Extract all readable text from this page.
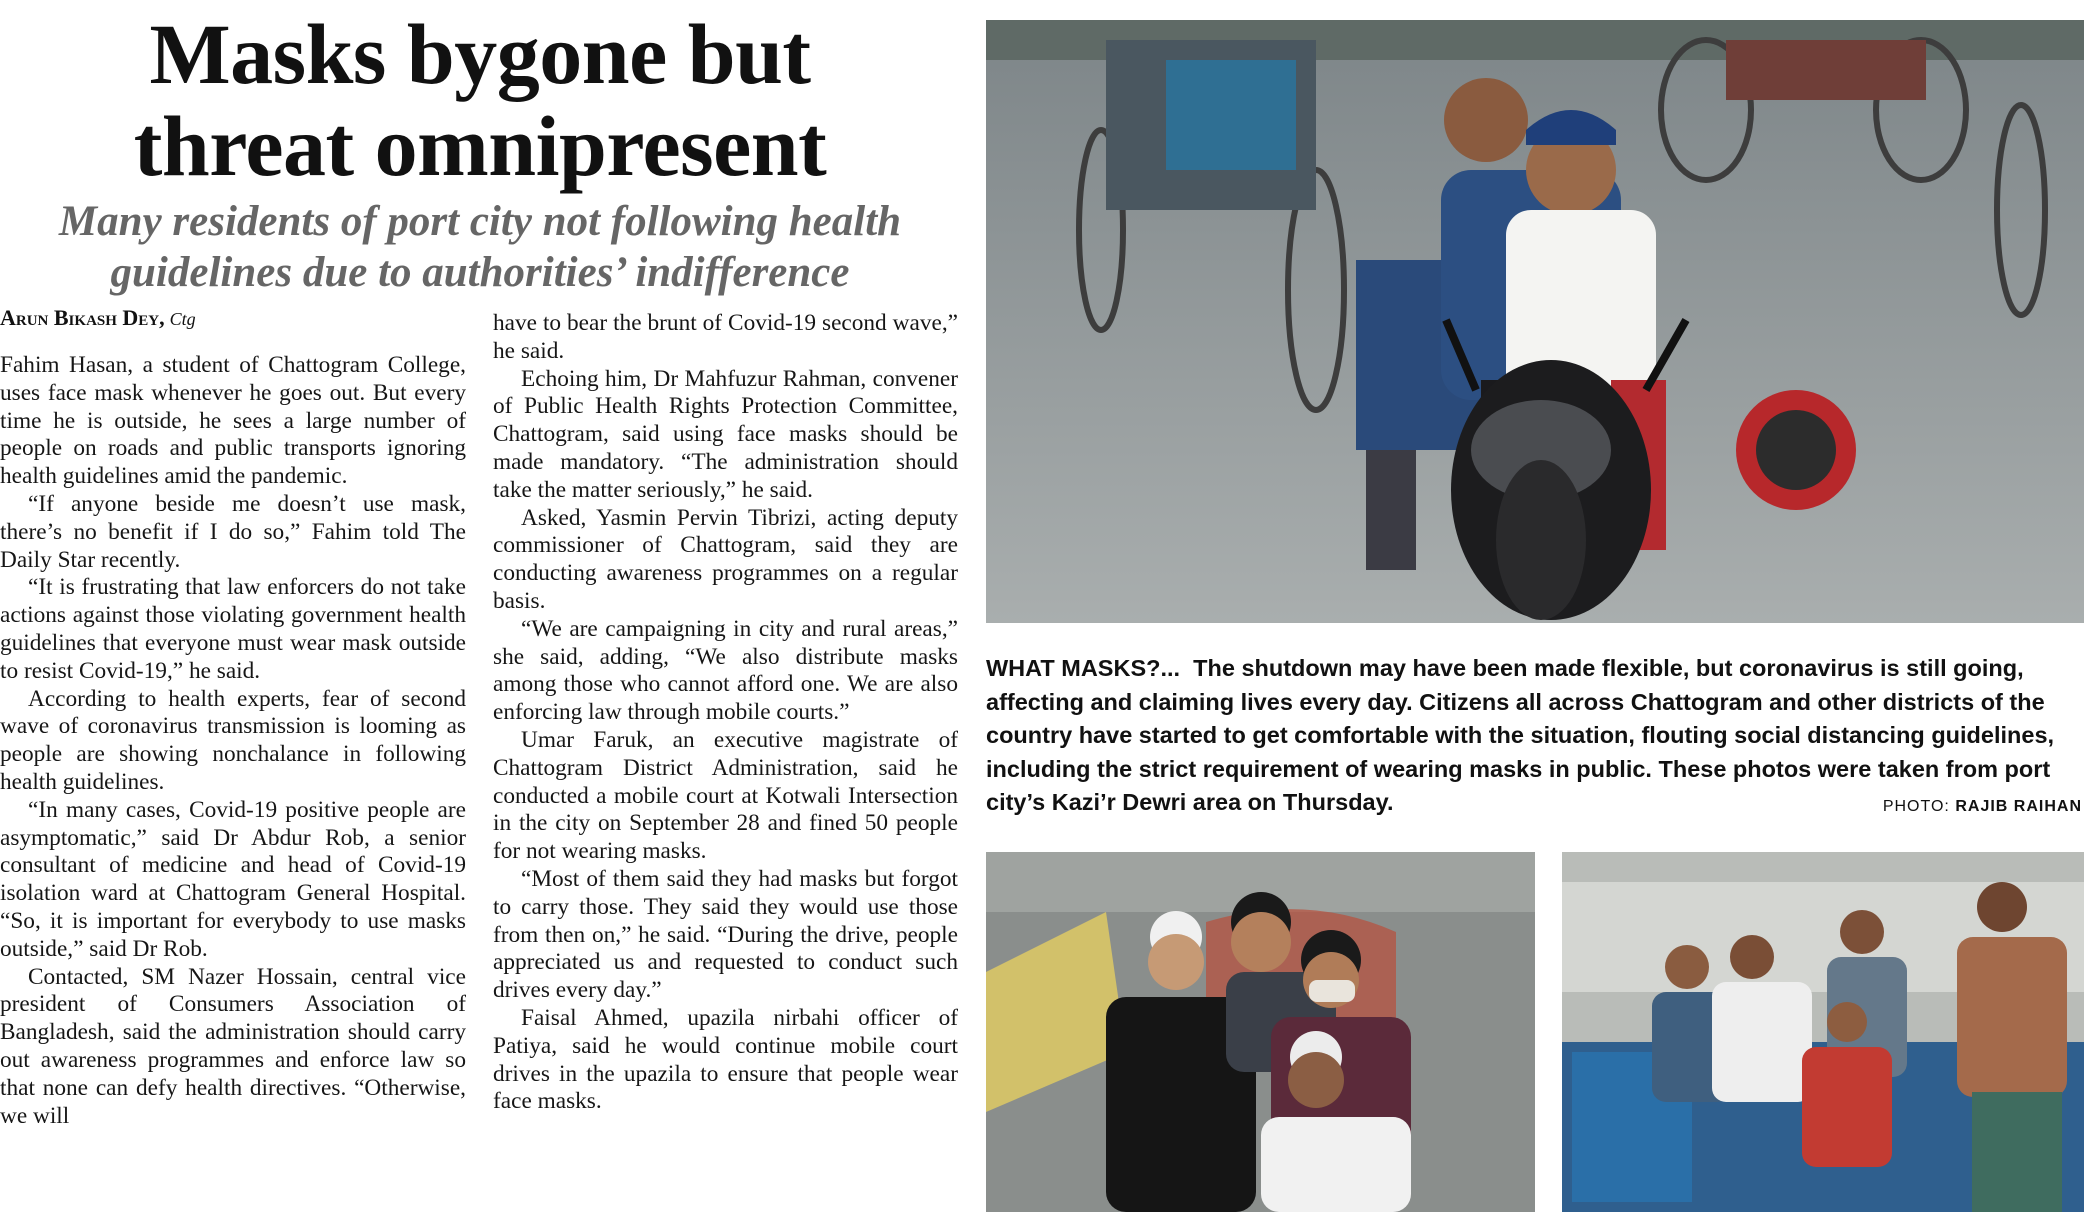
Masks bygone but
threat omnipresent
Many residents of port city not following health
guidelines due to authorities’ indifference
Arun Bikash Dey, Ctg

Fahim Hasan, a student of Chattogram College, uses face mask whenever he goes out. But every time he is outside, he sees a large number of people on roads and public transports ignoring health guidelines amid the pandemic.

“If anyone beside me doesn’t use mask, there’s no benefit if I do so,” Fahim told The Daily Star recently.

“It is frustrating that law enforcers do not take actions against those violating government health guidelines that everyone must wear mask outside to resist Covid-19,” he said.

According to health experts, fear of second wave of coronavirus transmission is looming as people are showing nonchalance in following health guidelines.

“In many cases, Covid-19 positive people are asymptomatic,” said Dr Abdur Rob, a senior consultant of medicine and head of Covid-19 isolation ward at Chattogram General Hospital. “So, it is important for everybody to use masks outside,” said Dr Rob.

Contacted, SM Nazer Hossain, central vice president of Consumers Association of Bangladesh, said the administration should carry out awareness programmes and enforce law so that none can defy health directives. “Otherwise, we will

have to bear the brunt of Covid-19 second wave,” he said.

Echoing him, Dr Mahfuzur Rahman, convener of Public Health Rights Protection Committee, Chattogram, said using face masks should be made mandatory. “The administration should take the matter seriously,” he said.

Asked, Yasmin Pervin Tibrizi, acting deputy commissioner of Chattogram, said they are conducting awareness programmes on a regular basis.

“We are campaigning in city and rural areas,” she said, adding, “We also distribute masks among those who cannot afford one. We are also enforcing law through mobile courts.”

Umar Faruk, an executive magistrate of Chattogram District Administration, said he conducted a mobile court at Kotwali Intersection in the city on September 28 and fined 50 people for not wearing masks.

“Most of them said they had masks but forgot to carry those. They said they would use those from then on,” he said. “During the drive, people appreciated us and requested to conduct such drives every day.”

Faisal Ahmed, upazila nirbahi officer of Patiya, said he would continue mobile court drives in the upazila to ensure that people wear face masks.

WHAT MASKS?... The shutdown may have been made flexible, but coronavirus is still going, affecting and claiming lives every day. Citizens all across Chattogram and other districts of the country have started to get comfortable with the situation, flouting social distancing guidelines, including the strict requirement of wearing masks in public. These photos were taken from port city’s Kazi’r Dewri area on Thursday.	PHOTO: RAJIB RAIHAN
